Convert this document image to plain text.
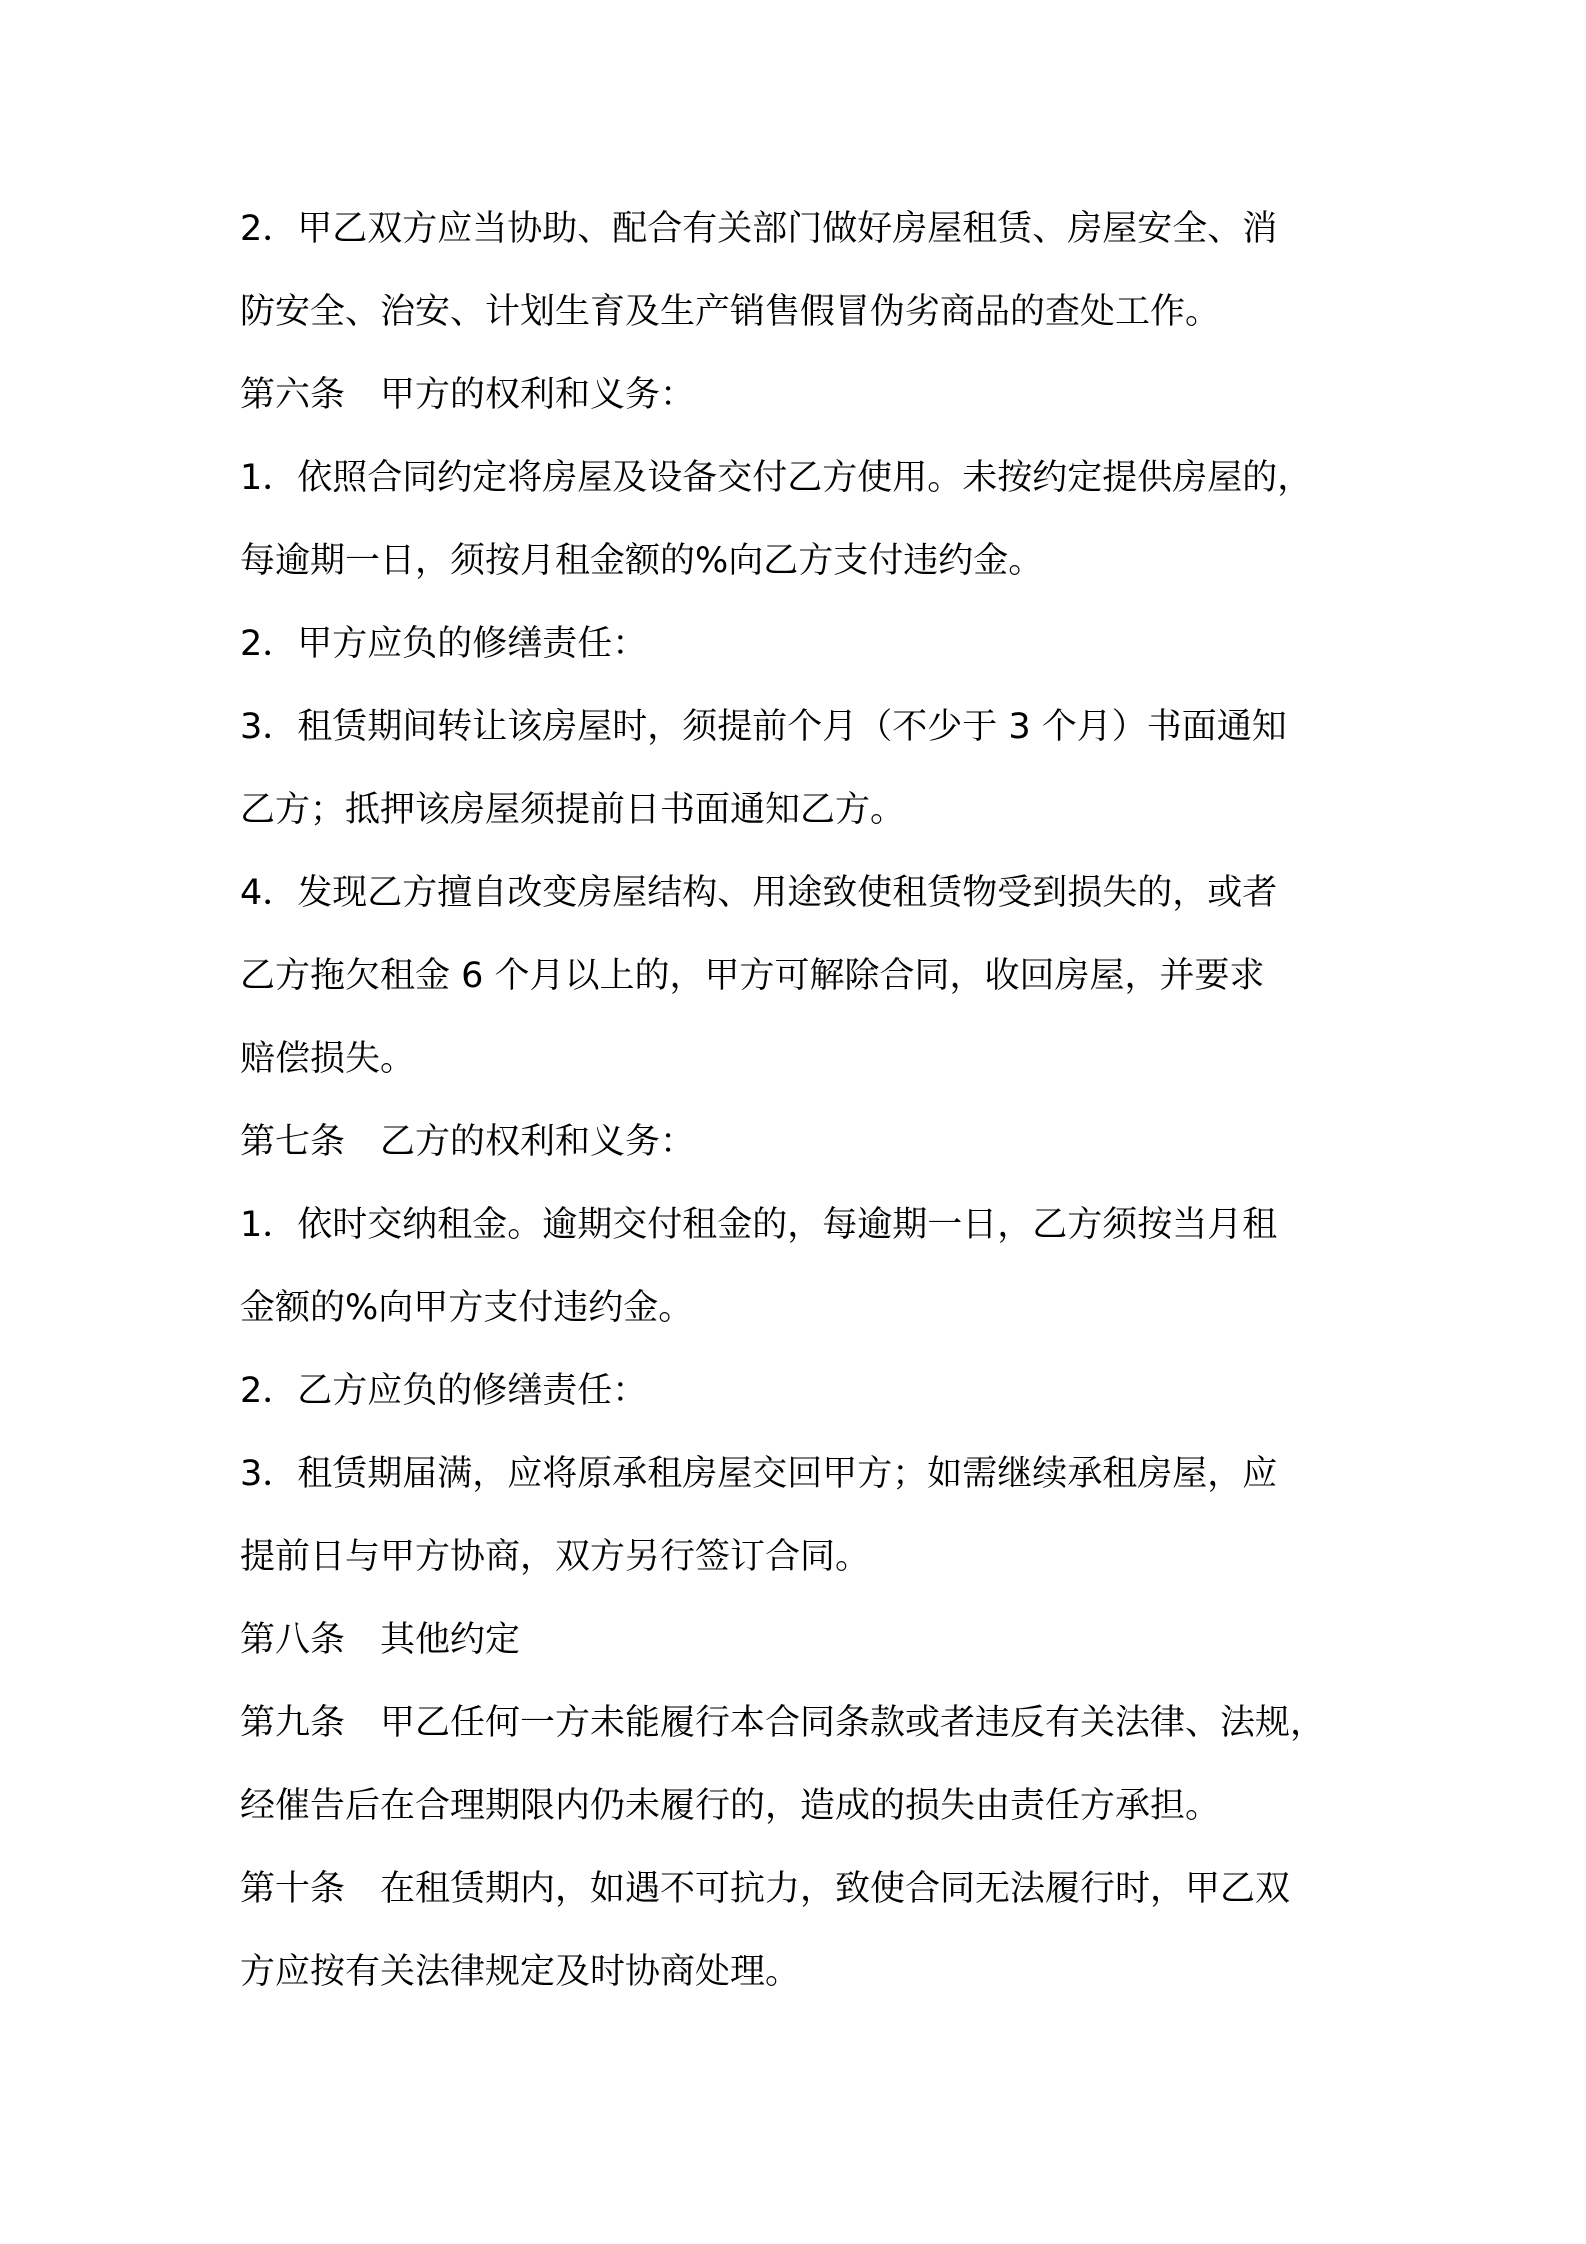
2．甲乙双方应当协助、配合有关部门做好房屋租赁、房屋安全、消
防安全、治安、计划生育及生产销售假冒伪劣商品的查处工作。
第六条　甲方的权利和义务：
1．依照合同约定将房屋及设备交付乙方使用。未按约定提供房屋的，
每逾期一日，须按月租金额的%向乙方支付违约金。
2．甲方应负的修缮责任：
3．租赁期间转让该房屋时，须提前个月（不少于 3 个月）书面通知
乙方；抵押该房屋须提前日书面通知乙方。
4．发现乙方擅自改变房屋结构、用途致使租赁物受到损失的，或者
乙方拖欠租金 6 个月以上的，甲方可解除合同，收回房屋，并要求
赔偿损失。
第七条　乙方的权利和义务：
1．依时交纳租金。逾期交付租金的，每逾期一日，乙方须按当月租
金额的%向甲方支付违约金。
2．乙方应负的修缮责任：
3．租赁期届满，应将原承租房屋交回甲方；如需继续承租房屋，应
提前日与甲方协商，双方另行签订合同。
第八条　其他约定
第九条　甲乙任何一方未能履行本合同条款或者违反有关法律、法规，
经催告后在合理期限内仍未履行的，造成的损失由责任方承担。
第十条　在租赁期内，如遇不可抗力，致使合同无法履行时，甲乙双
方应按有关法律规定及时协商处理。
